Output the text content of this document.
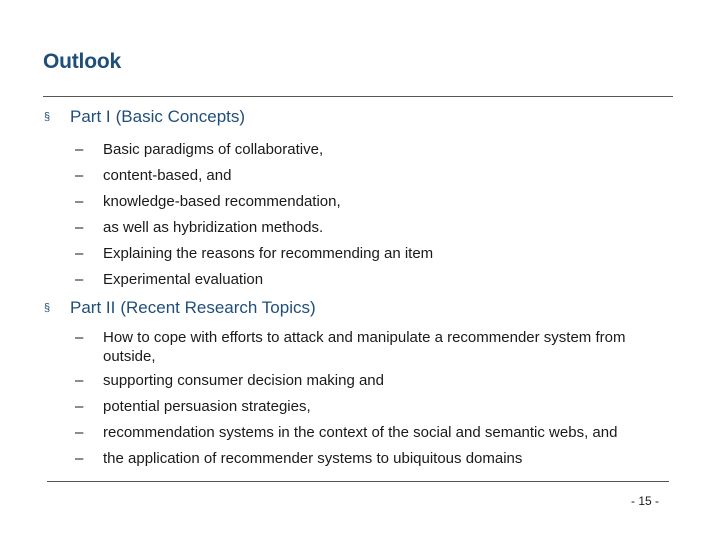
Outlook
§	Part I (Basic Concepts)
– Basic paradigms of collaborative,
– content-based, and
– knowledge-based recommendation,
– as well as hybridization methods.
– Explaining the reasons for recommending an item
– Experimental evaluation
§	Part II (Recent Research Topics)
– How to cope with efforts to attack and manipulate a recommender system from outside,
– supporting consumer decision making and
– potential persuasion strategies,
– recommendation systems in the context of the social and semantic webs, and
– the application of recommender systems to ubiquitous domains
- 15 -
